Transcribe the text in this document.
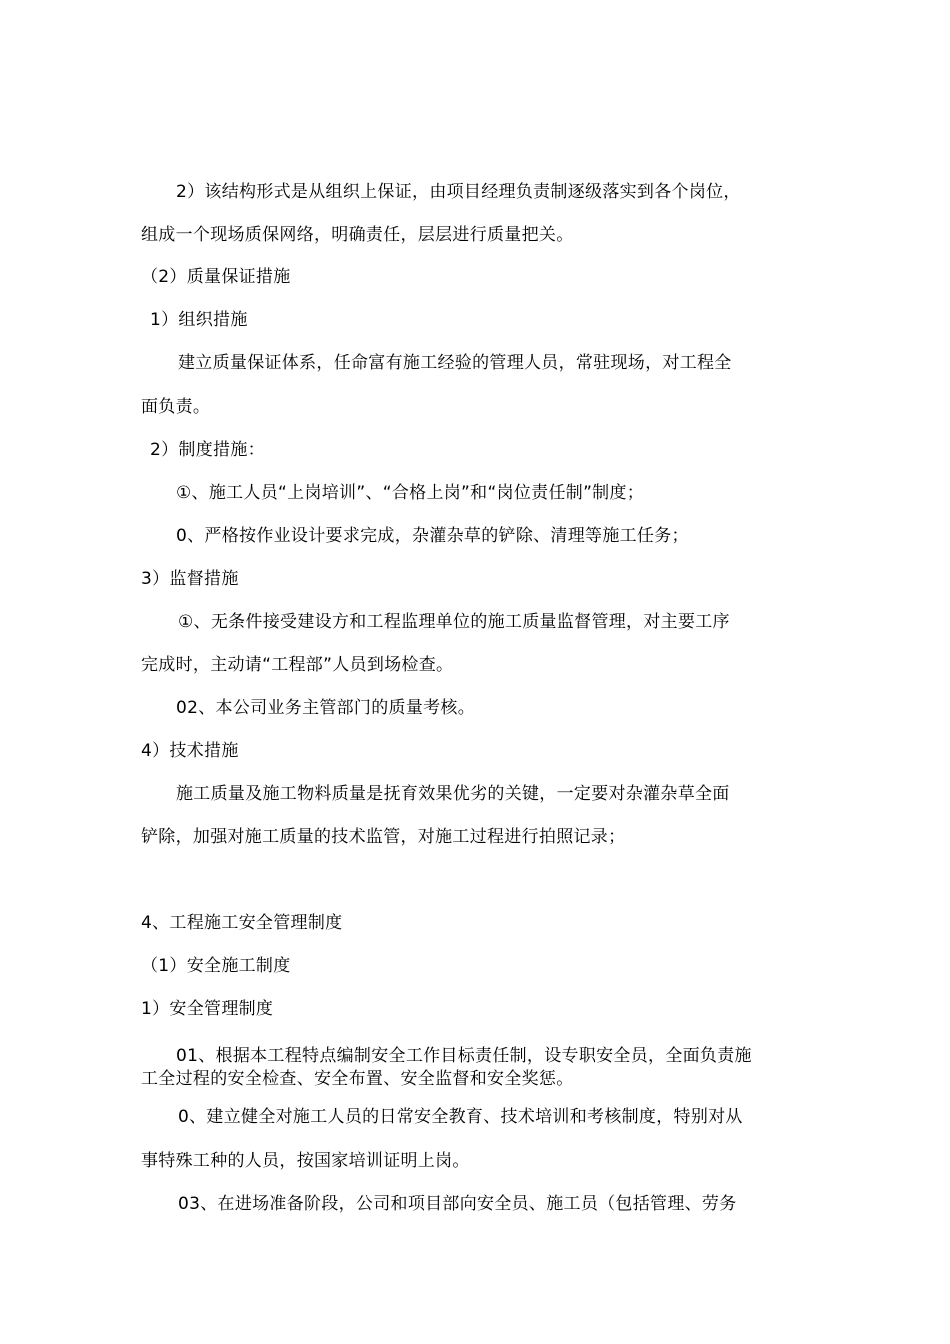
2）该结构形式是从组织上保证，由项目经理负责制逐级落实到各个岗位，

组成一个现场质保网络，明确责任，层层进行质量把关。

（2）质量保证措施

1）组织措施

建立质量保证体系，任命富有施工经验的管理人员，常驻现场，对工程全

面负责。

2）制度措施：

①、施工人员“上岗培训”、“合格上岗”和“岗位责任制”制度；

0、严格按作业设计要求完成，杂灌杂草的铲除、清理等施工任务；

3）监督措施

①、无条件接受建设方和工程监理单位的施工质量监督管理，对主要工序

完成时，主动请“工程部”人员到场检查。

02、本公司业务主管部门的质量考核。

4）技术措施

施工质量及施工物料质量是抚育效果优劣的关键，一定要对杂灌杂草全面

铲除，加强对施工质量的技术监管，对施工过程进行拍照记录；

4、工程施工安全管理制度

（1）安全施工制度

1）安全管理制度

01、根据本工程特点编制安全工作目标责任制，设专职安全员，全面负责施

工全过程的安全检查、安全布置、安全监督和安全奖惩。

0、建立健全对施工人员的日常安全教育、技术培训和考核制度，特别对从

事特殊工种的人员，按国家培训证明上岗。

03、在进场准备阶段，公司和项目部向安全员、施工员（包括管理、劳务
